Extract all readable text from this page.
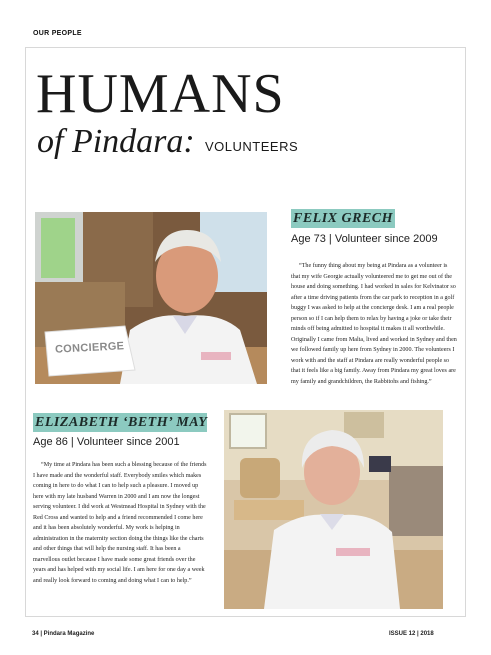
OUR PEOPLE
HUMANS
of Pindara: VOLUNTEERS
CONCIERGE
FELIX GRECH
Age 73 | Volunteer since 2009
“The funny thing about my being at Pindara as a volunteer is that my wife Georgie actually volunteered me to get me out of the house and doing something. I had worked in sales for Kelvinator so after a time driving patients from the car park to reception in a golf buggy I was asked to help at the concierge desk. I am a real people person so if I can help them to relax by having a joke or take their minds off being admitted to hospital it makes it all worthwhile. Originally I came from Malta, lived and worked in Sydney and then we followed family up here from Sydney in 2000. The volunteers I work with and the staff at Pindara are really wonderful people so that it feels like a big family. Away from Pindara my great loves are my family and grandchildren, the Rabbitohs and fishing.”
ELIZABETH ‘BETH’ MAY
Age 86 | Volunteer since 2001
“My time at Pindara has been such a blessing because of the friends I have made and the wonderful staff. Everybody smiles which makes coming in here to do what I can to help such a pleasure. I moved up here with my late husband Warren in 2000 and I am now the longest serving volunteer. I did work at Westmead Hospital in Sydney with the Red Cross and wanted to help and a friend recommended I come here and it has been absolutely wonderful. My work is helping in administration in the maternity section doing the things like the charts and other things that will help the nursing staff. It has been a marvellous outlet because I have made some great friends over the years and has helped with my social life. I am here for one day a week and really look forward to coming and doing what I can to help.”
34 | Pindara Magazine	ISSUE 12 | 2018
